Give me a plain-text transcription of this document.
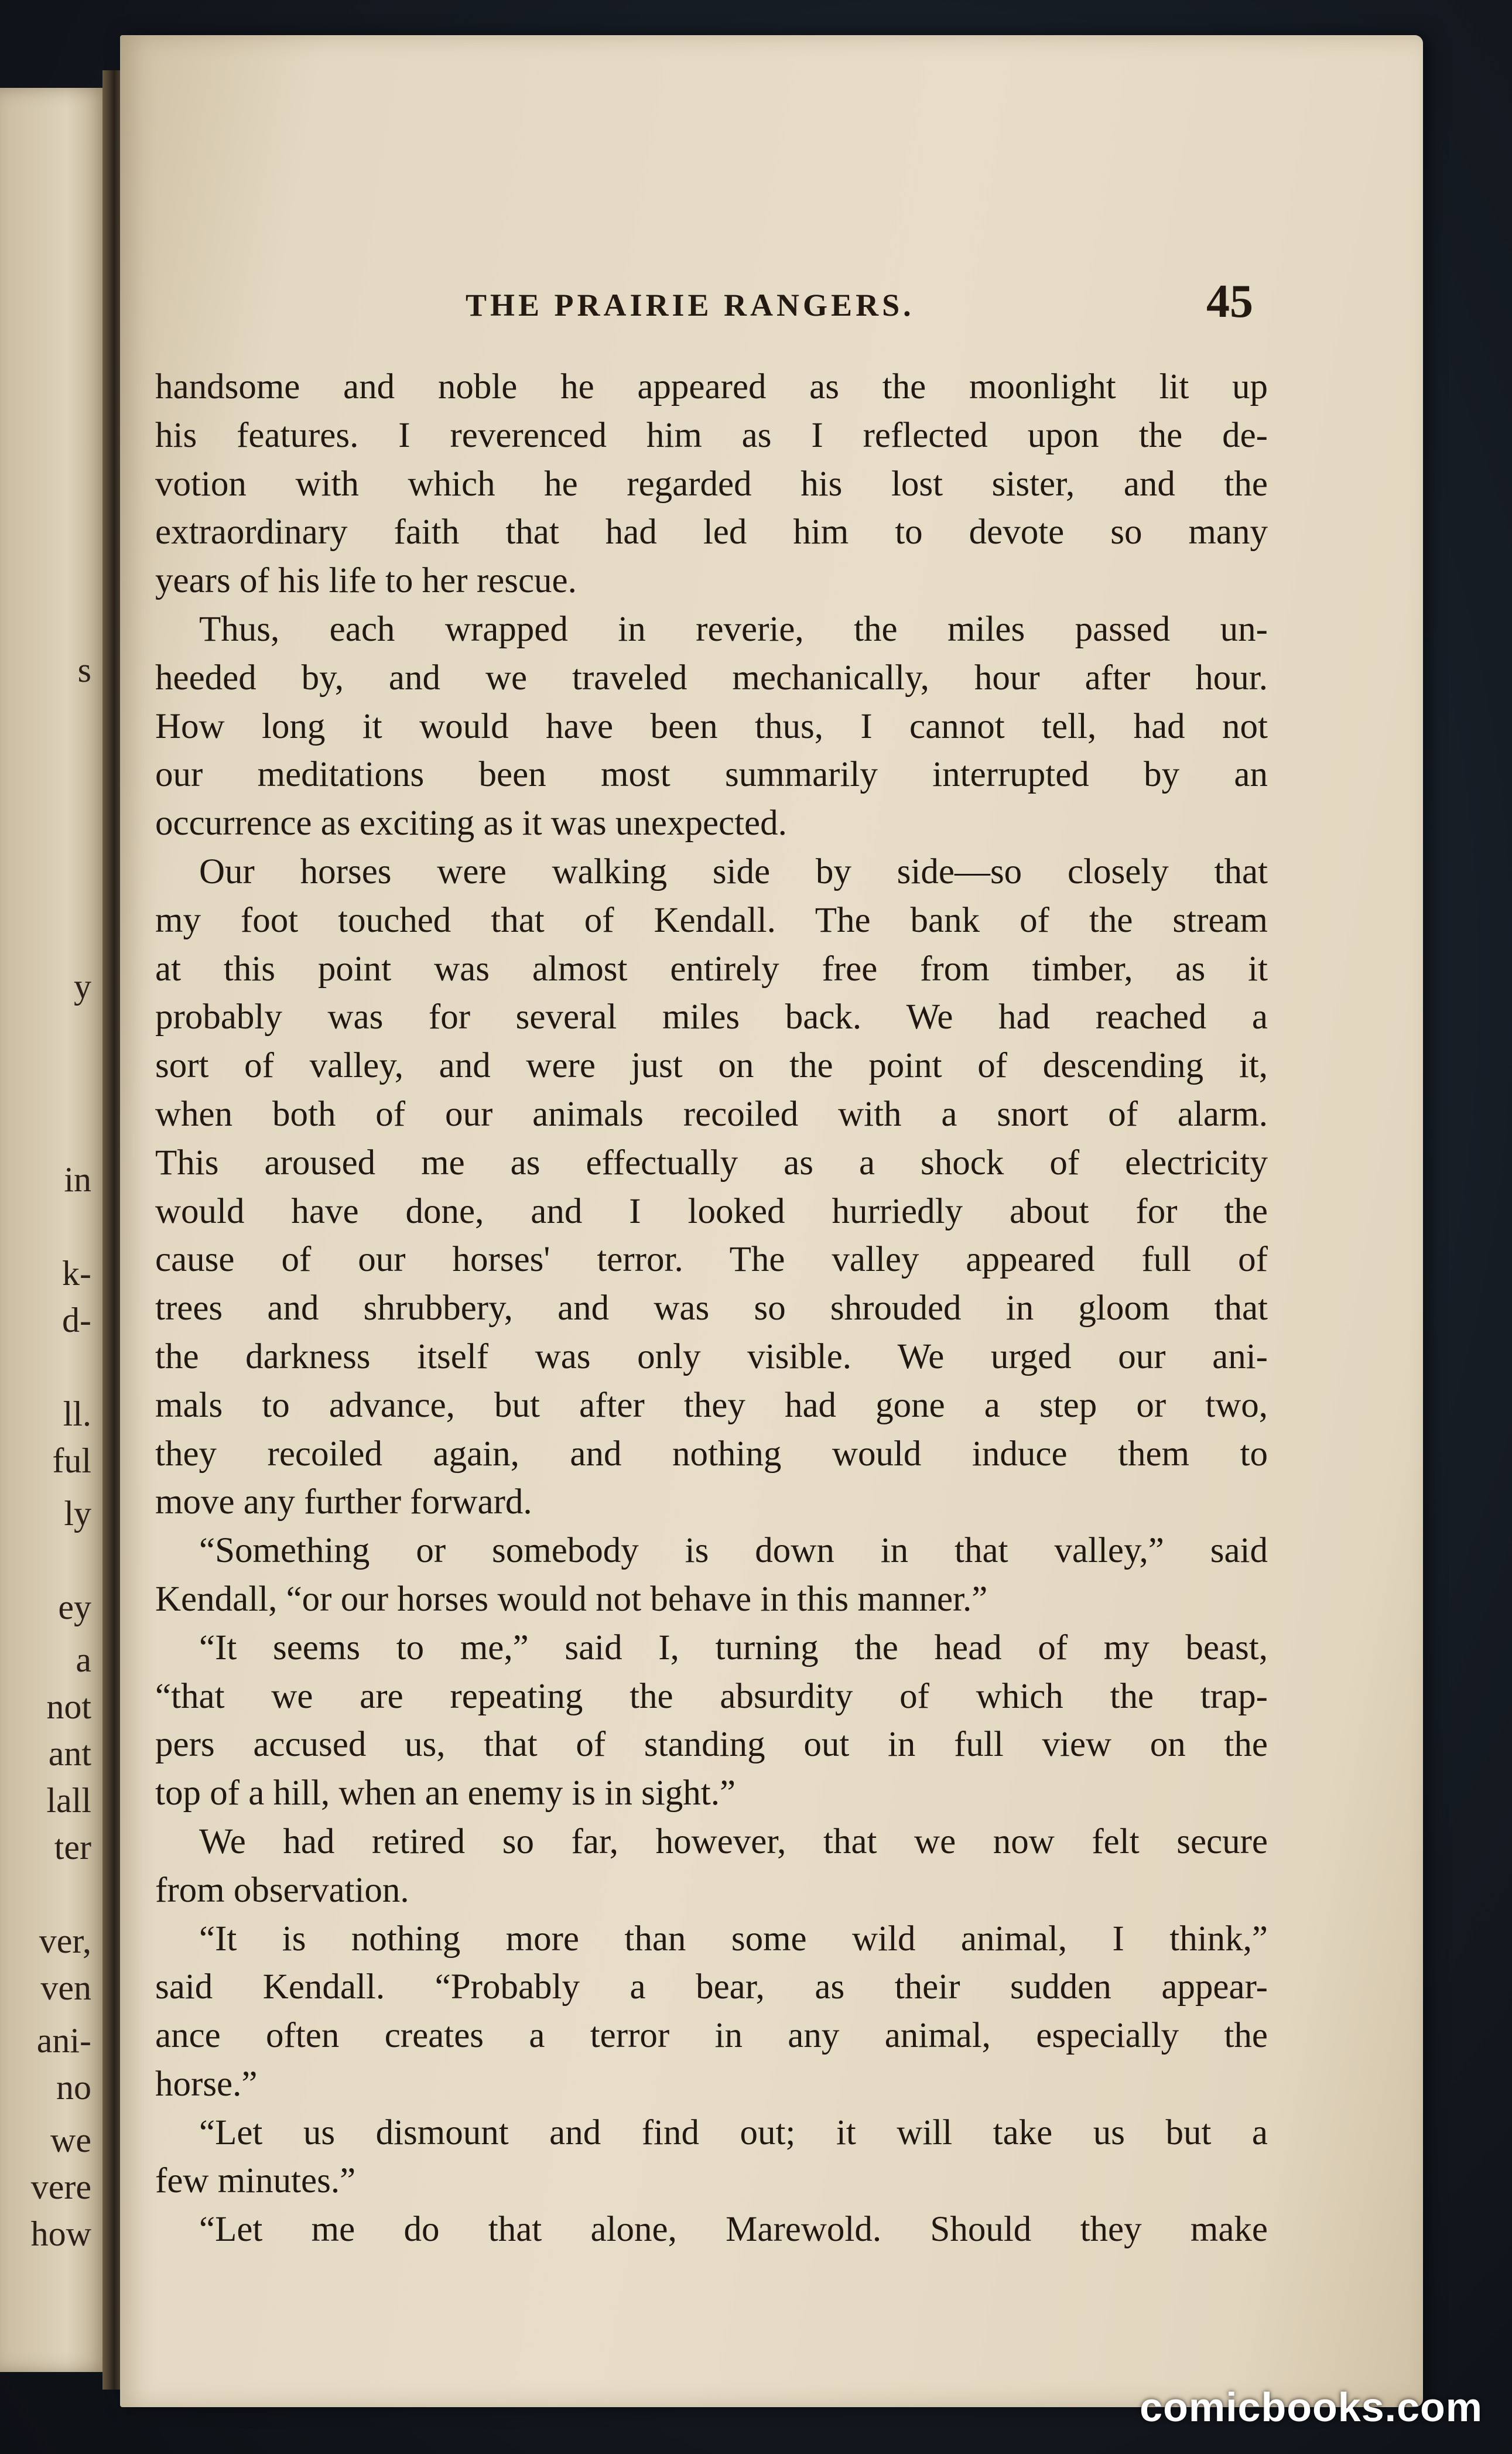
s
y
in
k-
d-
ll.
ful
ly
ey
a
not
ant
lall
ter
ver,
ven
ani-
no
we
vere
how
THE PRAIRIE RANGERS.	45
handsome and noble he appeared as the moonlight lit up
his features. I reverenced him as I reflected upon the de-
votion with which he regarded his lost sister, and the
extraordinary faith that had led him to devote so many
years of his life to her rescue.
Thus, each wrapped in reverie, the miles passed un-
heeded by, and we traveled mechanically, hour after hour.
How long it would have been thus, I cannot tell, had not
our meditations been most summarily interrupted by an
occurrence as exciting as it was unexpected.
Our horses were walking side by side—so closely that
my foot touched that of Kendall. The bank of the stream
at this point was almost entirely free from timber, as it
probably was for several miles back. We had reached a
sort of valley, and were just on the point of descending it,
when both of our animals recoiled with a snort of alarm.
This aroused me as effectually as a shock of electricity
would have done, and I looked hurriedly about for the
cause of our horses' terror. The valley appeared full of
trees and shrubbery, and was so shrouded in gloom that
the darkness itself was only visible. We urged our ani-
mals to advance, but after they had gone a step or two,
they recoiled again, and nothing would induce them to
move any further forward.
“Something or somebody is down in that valley,” said
Kendall, “or our horses would not behave in this manner.”
“It seems to me,” said I, turning the head of my beast,
“that we are repeating the absurdity of which the trap-
pers accused us, that of standing out in full view on the
top of a hill, when an enemy is in sight.”
We had retired so far, however, that we now felt secure
from observation.
“It is nothing more than some wild animal, I think,”
said Kendall. “Probably a bear, as their sudden appear-
ance often creates a terror in any animal, especially the
horse.”
“Let us dismount and find out; it will take us but a
few minutes.”
“Let me do that alone, Marewold. Should they make
comicbooks.com
